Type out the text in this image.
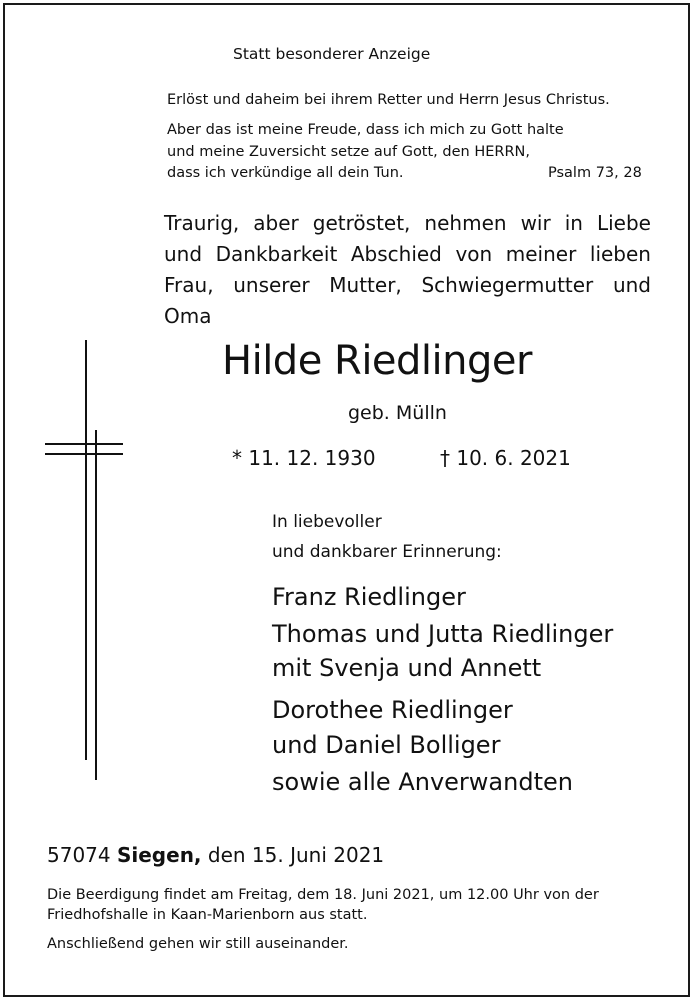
Statt besonderer Anzeige
Erlöst und daheim bei ihrem Retter und Herrn Jesus Christus.
Aber das ist meine Freude, dass ich mich zu Gott halte
und meine Zuversicht setze auf Gott, den HERRN,
dass ich verkündige all dein Tun.	Psalm 73, 28
Traurig, aber getröstet, nehmen wir in Liebe
und Dankbarkeit Abschied von meiner lieben
Frau, unserer Mutter, Schwiegermutter und
Oma
Hilde Riedlinger
geb. Mülln
* 11. 12. 1930	† 10. 6. 2021
In liebevoller
und dankbarer Erinnerung:
Franz Riedlinger
Thomas und Jutta Riedlinger
mit Svenja und Annett
Dorothee Riedlinger
und Daniel Bolliger
sowie alle Anverwandten
57074 Siegen, den 15. Juni 2021
Die Beerdigung findet am Freitag, dem 18. Juni 2021, um 12.00 Uhr von der
Friedhofshalle in Kaan-Marienborn aus statt.
Anschließend gehen wir still auseinander.
